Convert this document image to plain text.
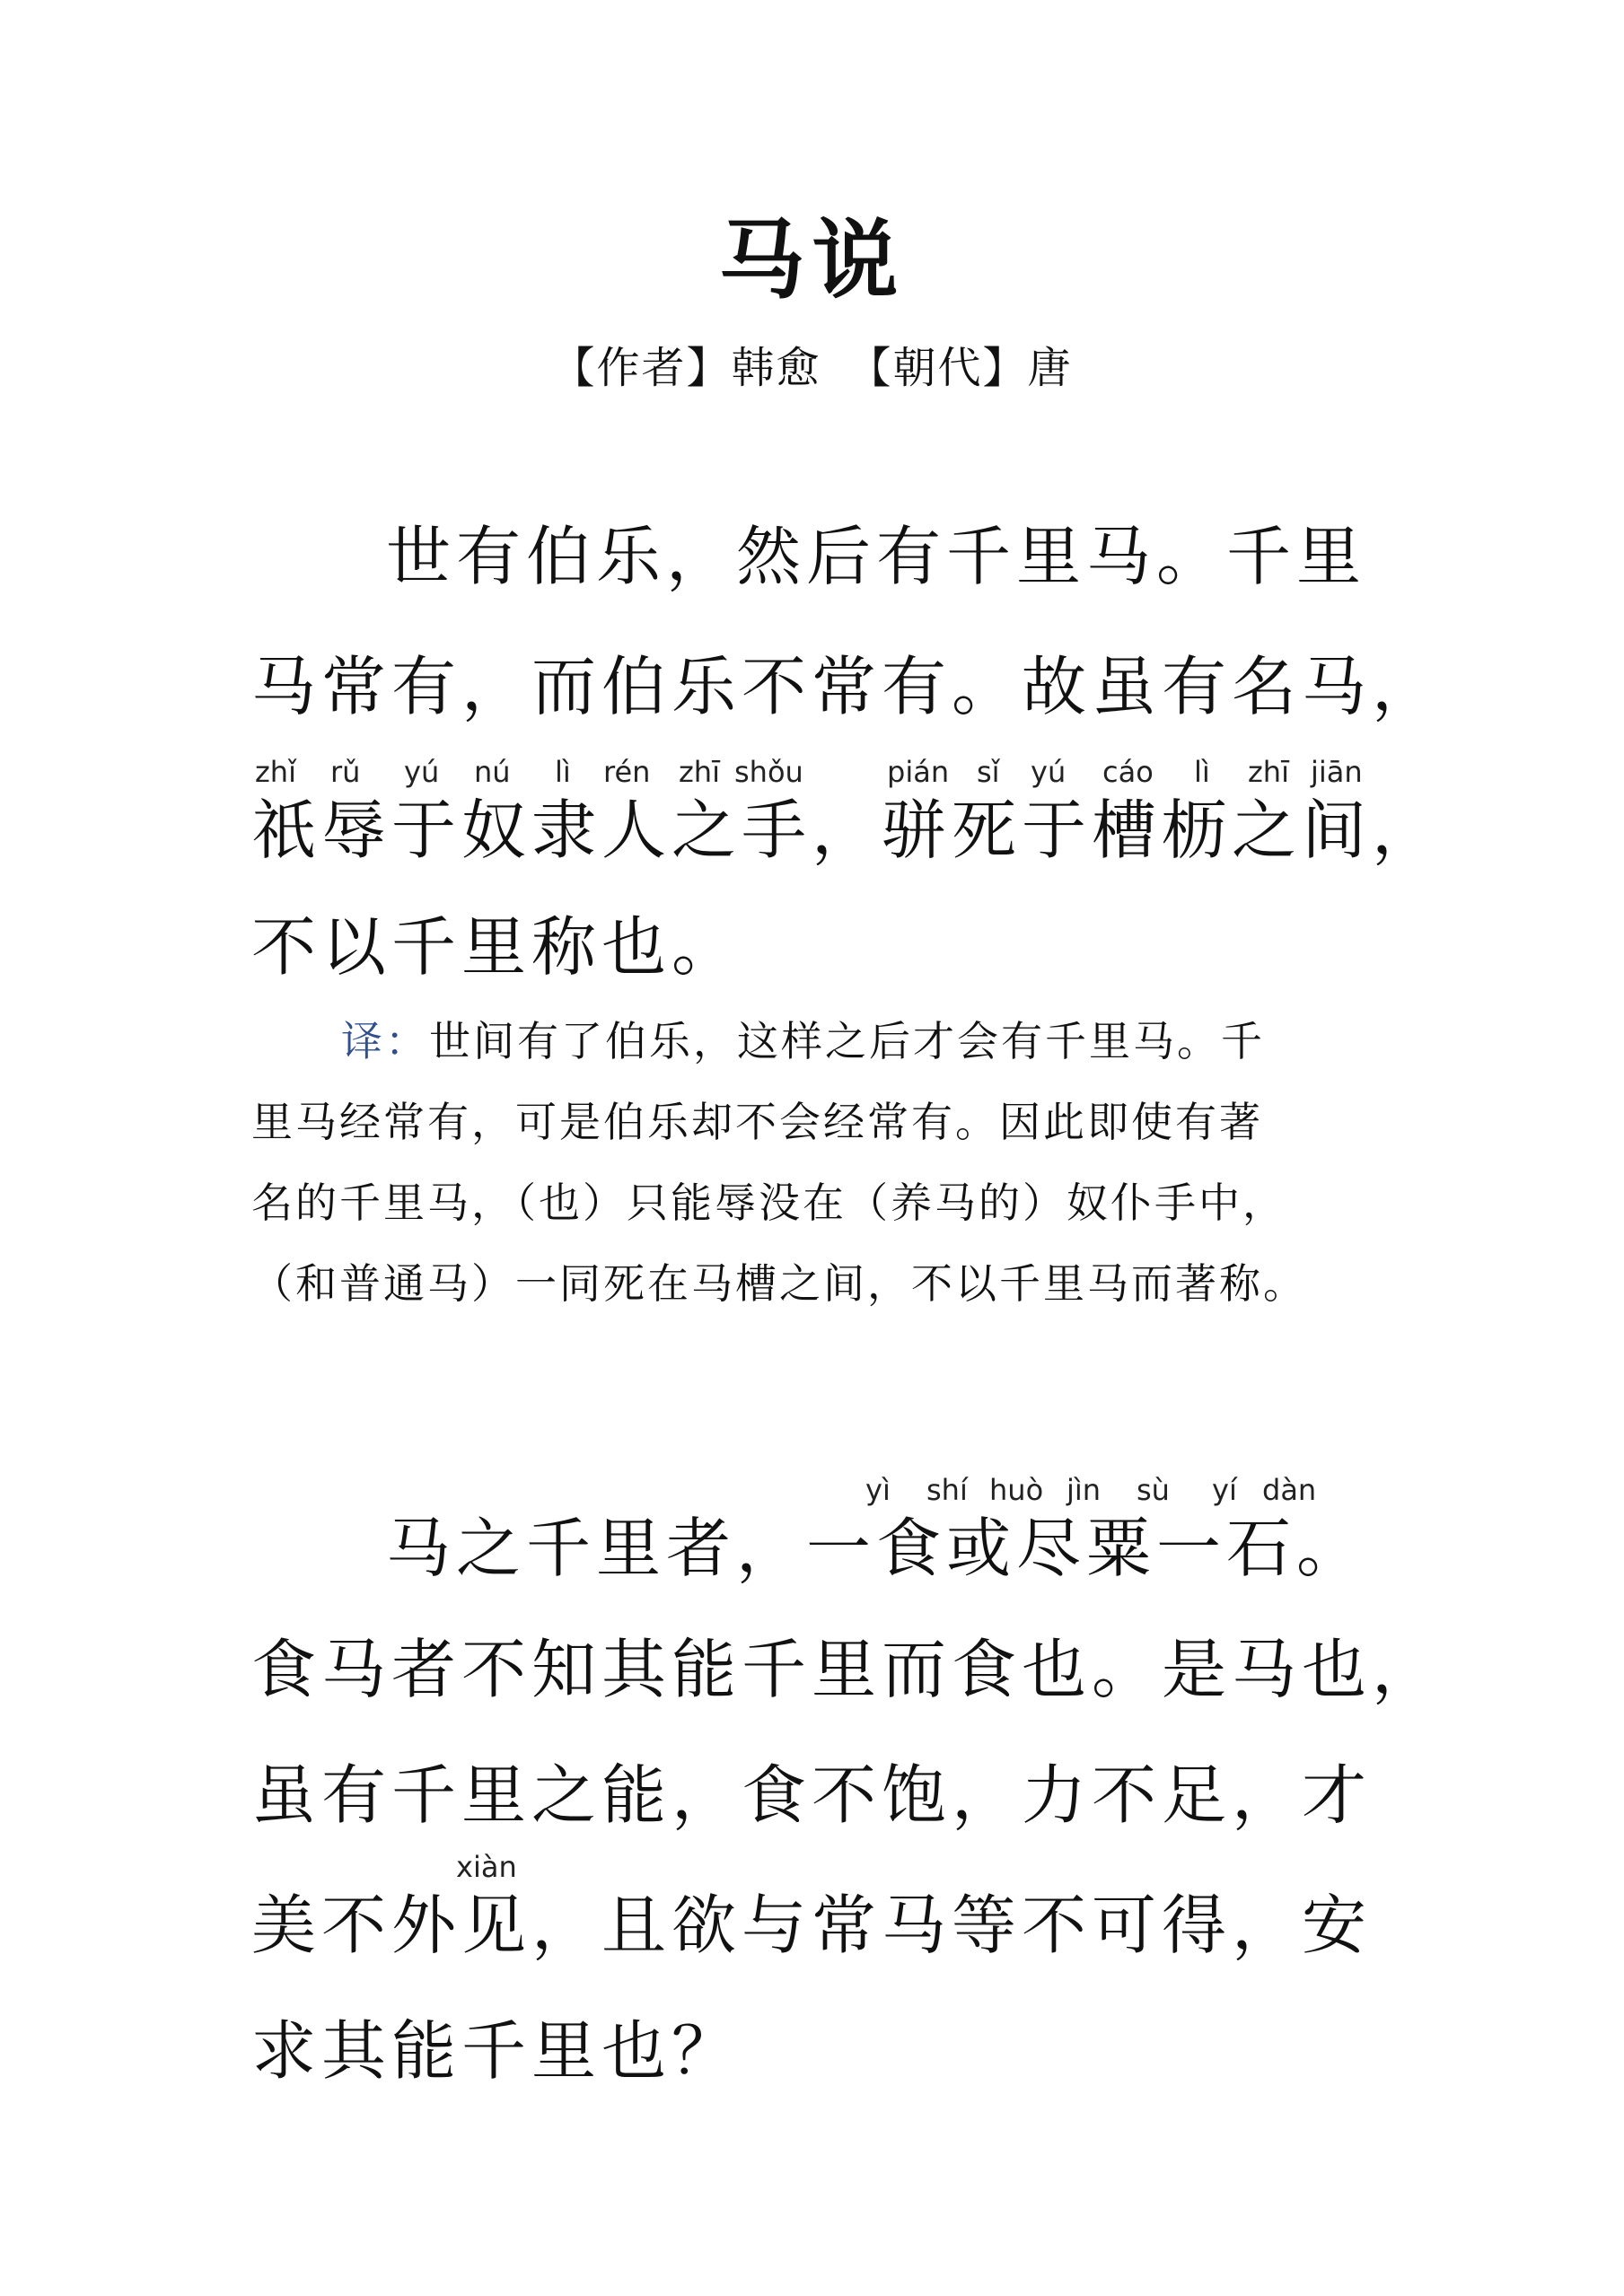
马说
【作者】韩愈 【朝代】唐
世有伯乐，然后有千里马。千里
马常有，而伯乐不常有。故虽有名马，
zhǐ rǔ yú nú lì rén zhī shǒu	pián sǐ yú cáo lì zhī jiān
祇辱于奴隶人之手，骈死于槽枥之间，
不以千里称也。
译：世间有了伯乐，这样之后才会有千里马。千
里马经常有，可是伯乐却不会经常有。因此即使有著
名的千里马，（也）只能辱没在（养马的）奴仆手中，
（和普通马）一同死在马槽之间，不以千里马而著称。
yì shí huò jìn sù yí dàn
马之千里者，一食或尽粟一石。
食马者不知其能千里而食也。是马也，
虽有千里之能，食不饱，力不足，才
xiàn
美不外见，且欲与常马等不可得，安
求其能千里也？
